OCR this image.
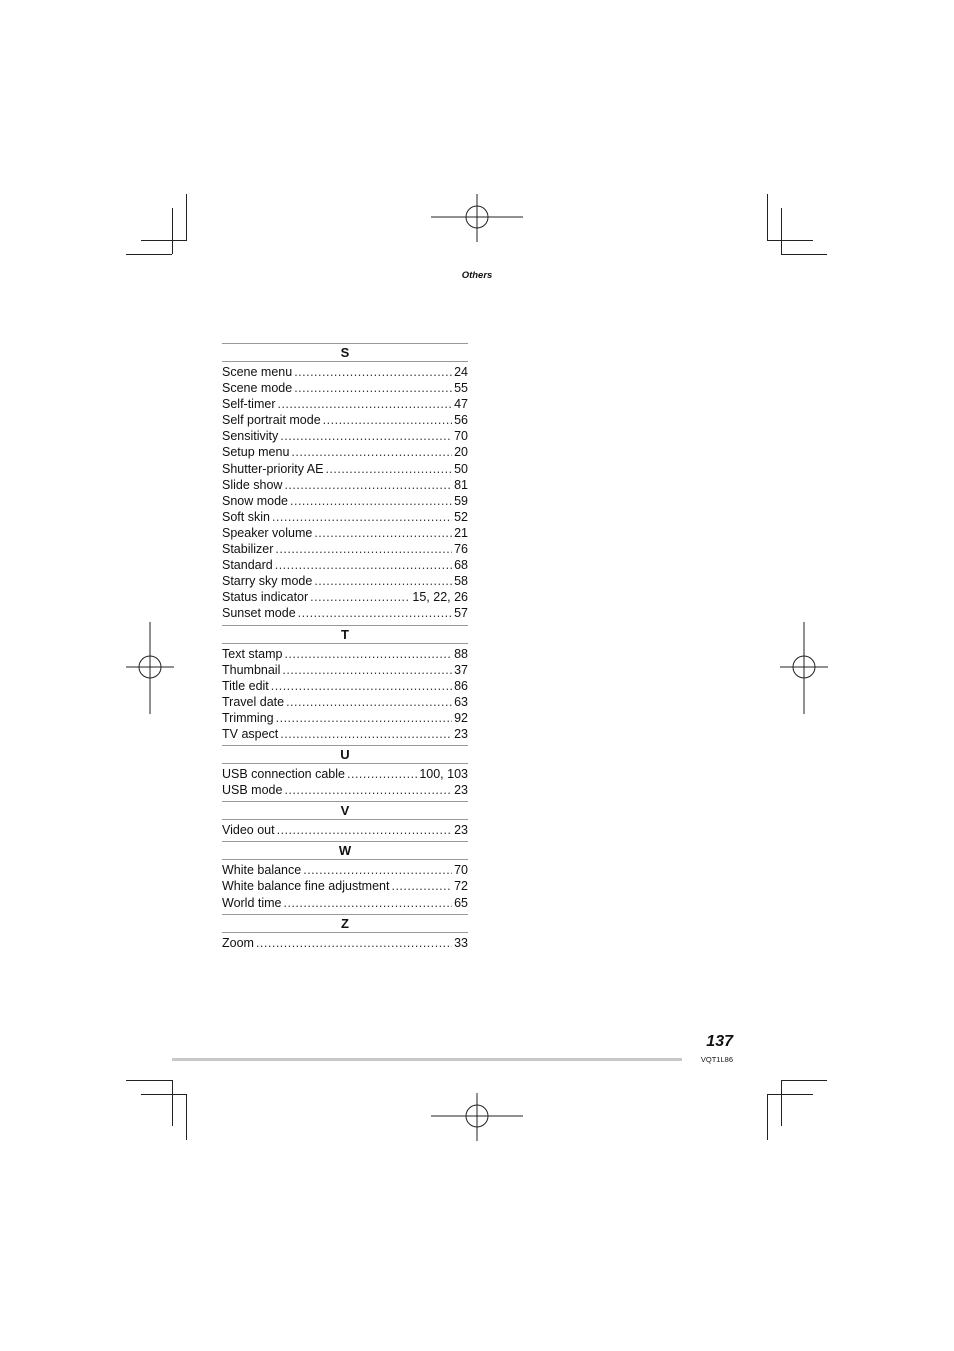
Others
S
Scene menu .....	24
Scene mode .....	55
Self-timer .....	47
Self portrait mode .....	56
Sensitivity .....	70
Setup menu .....	20
Shutter-priority AE .....	50
Slide show .....	81
Snow mode .....	59
Soft skin .....	52
Speaker volume .....	21
Stabilizer .....	76
Standard .....	68
Starry sky mode .....	58
Status indicator .....	15, 22, 26
Sunset mode .....	57
T
Text stamp .....	88
Thumbnail .....	37
Title edit .....	86
Travel date .....	63
Trimming .....	92
TV aspect .....	23
U
USB connection cable .....	100, 103
USB mode .....	23
V
Video out .....	23
W
White balance .....	70
White balance fine adjustment .....	72
World time .....	65
Z
Zoom .....	33
137
VQT1L86
